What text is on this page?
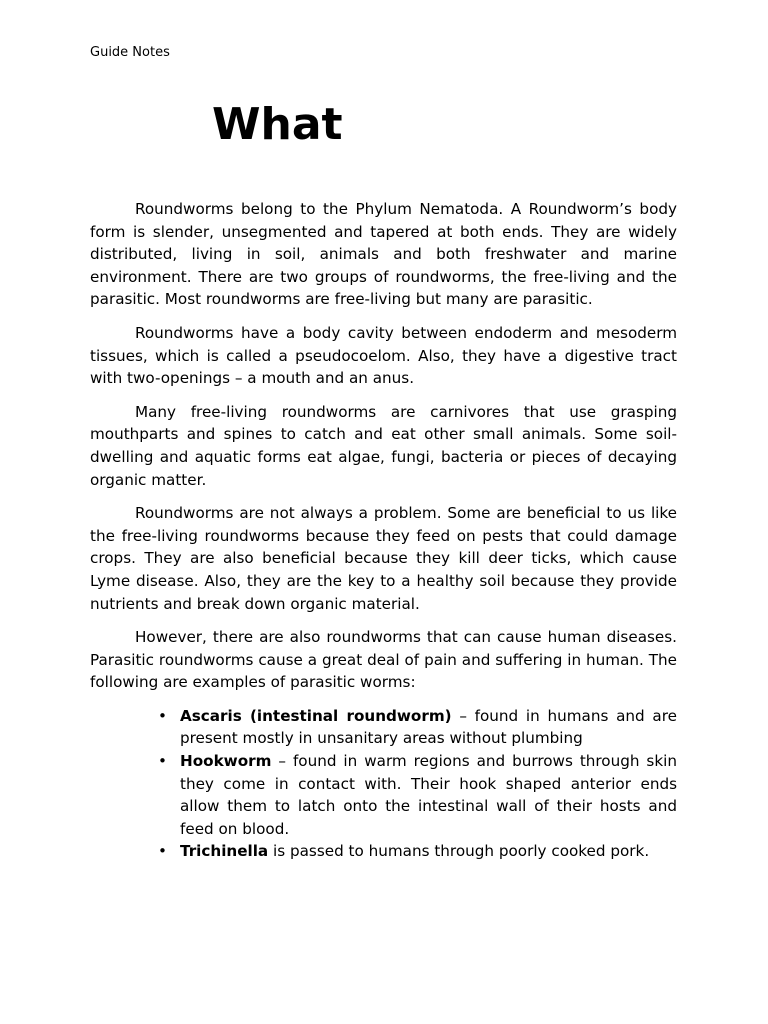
Guide Notes
What

Roundworms belong to the Phylum Nematoda. A Roundworm’s body form is slender, unsegmented and tapered at both ends. They are widely distributed, living in soil, animals and both freshwater and marine environment. There are two groups of roundworms, the free-living and the parasitic. Most roundworms are free-living but many are parasitic.

Roundworms have a body cavity between endoderm and mesoderm tissues, which is called a pseudocoelom. Also, they have a digestive tract with two-openings – a mouth and an anus.

Many free-living roundworms are carnivores that use grasping mouthparts and spines to catch and eat other small animals. Some soil-dwelling and aquatic forms eat algae, fungi, bacteria or pieces of decaying organic matter.

Roundworms are not always a problem. Some are beneficial to us like the free-living roundworms because they feed on pests that could damage crops. They are also beneficial because they kill deer ticks, which cause Lyme disease. Also, they are the key to a healthy soil because they provide nutrients and break down organic material.

However, there are also roundworms that can cause human diseases. Parasitic roundworms cause a great deal of pain and suffering in human. The following are examples of parasitic worms:

• Ascaris (intestinal roundworm) – found in humans and are present mostly in unsanitary areas without plumbing
• Hookworm – found in warm regions and burrows through skin they come in contact with. Their hook shaped anterior ends allow them to latch onto the intestinal wall of their hosts and feed on blood.
• Trichinella is passed to humans through poorly cooked pork.
